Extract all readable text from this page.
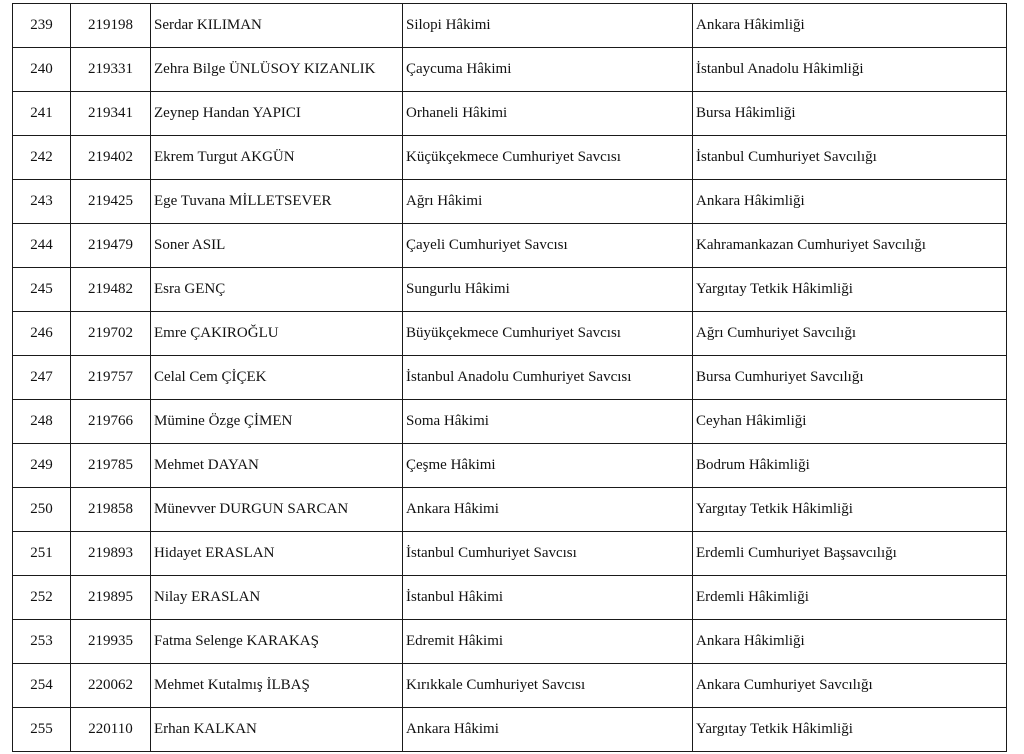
239	219198	Serdar KILIMAN	Silopi Hâkimi	Ankara Hâkimliği
240	219331	Zehra Bilge ÜNLÜSOY KIZANLIK	Çaycuma Hâkimi	İstanbul Anadolu Hâkimliği
241	219341	Zeynep Handan YAPICI	Orhaneli Hâkimi	Bursa Hâkimliği
242	219402	Ekrem Turgut AKGÜN	Küçükçekmece Cumhuriyet Savcısı	İstanbul Cumhuriyet Savcılığı
243	219425	Ege Tuvana MİLLETSEVER	Ağrı Hâkimi	Ankara Hâkimliği
244	219479	Soner ASIL	Çayeli Cumhuriyet Savcısı	Kahramankazan Cumhuriyet Savcılığı
245	219482	Esra GENÇ	Sungurlu Hâkimi	Yargıtay Tetkik Hâkimliği
246	219702	Emre ÇAKIROĞLU	Büyükçekmece Cumhuriyet Savcısı	Ağrı Cumhuriyet Savcılığı
247	219757	Celal Cem ÇİÇEK	İstanbul Anadolu Cumhuriyet Savcısı	Bursa Cumhuriyet Savcılığı
248	219766	Mümine Özge ÇİMEN	Soma Hâkimi	Ceyhan Hâkimliği
249	219785	Mehmet DAYAN	Çeşme Hâkimi	Bodrum Hâkimliği
250	219858	Münevver DURGUN SARCAN	Ankara Hâkimi	Yargıtay Tetkik Hâkimliği
251	219893	Hidayet ERASLAN	İstanbul Cumhuriyet Savcısı	Erdemli Cumhuriyet Başsavcılığı
252	219895	Nilay ERASLAN	İstanbul Hâkimi	Erdemli Hâkimliği
253	219935	Fatma Selenge KARAKAŞ	Edremit Hâkimi	Ankara Hâkimliği
254	220062	Mehmet Kutalmış İLBAŞ	Kırıkkale Cumhuriyet Savcısı	Ankara Cumhuriyet Savcılığı
255	220110	Erhan KALKAN	Ankara Hâkimi	Yargıtay Tetkik Hâkimliği
